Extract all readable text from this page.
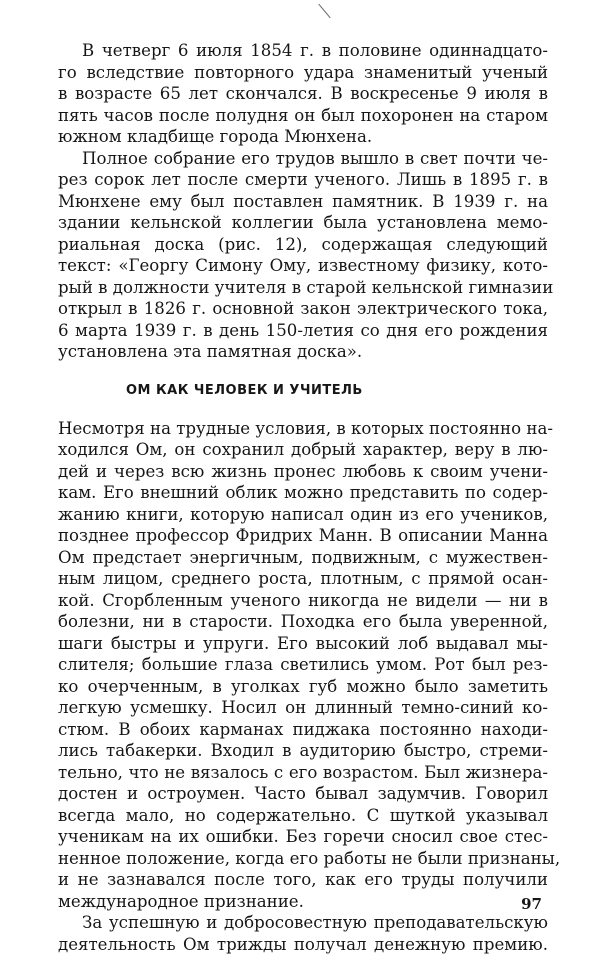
В четверг 6 июля 1854 г. в половине одиннадцато-
го вследствие повторного удара знаменитый ученый
в возрасте 65 лет скончался. В воскресенье 9 июля в
пять часов после полудня он был похоронен на старом
южном кладбище города Мюнхена.

Полное собрание его трудов вышло в свет почти че-
рез сорок лет после смерти ученого. Лишь в 1895 г. в
Мюнхене ему был поставлен памятник. В 1939 г. на
здании кельнской коллегии была установлена мемо-
риальная доска (рис. 12), содержащая следующий
текст: «Георгу Симону Ому, известному физику, кото-
рый в должности учителя в старой кельнской гимназии
открыл в 1826 г. основной закон электрического тока,
6 марта 1939 г. в день 150-летия со дня его рождения
установлена эта памятная доска».

ОМ КАК ЧЕЛОВЕК И УЧИТЕЛЬ

Несмотря на трудные условия, в которых постоянно на-
ходился Ом, он сохранил добрый характер, веру в лю-
дей и через всю жизнь пронес любовь к своим учени-
кам. Его внешний облик можно представить по содер-
жанию книги, которую написал один из его учеников,
позднее профессор Фридрих Манн. В описании Манна
Ом предстает энергичным, подвижным, с мужествен-
ным лицом, среднего роста, плотным, с прямой осан-
кой. Сгорбленным ученого никогда не видели — ни в
болезни, ни в старости. Походка его была уверенной,
шаги быстры и упруги. Его высокий лоб выдавал мы-
слителя; большие глаза светились умом. Рот был рез-
ко очерченным, в уголках губ можно было заметить
легкую усмешку. Носил он длинный темно-синий ко-
стюм. В обоих карманах пиджака постоянно находи-
лись табакерки. Входил в аудиторию быстро, стреми-
тельно, что не вязалось с его возрастом. Был жизнера-
достен и остроумен. Часто бывал задумчив. Говорил
всегда мало, но содержательно. С шуткой указывал
ученикам на их ошибки. Без горечи сносил свое стес-
ненное положение, когда его работы не были признаны,
и не зазнавался после того, как его труды получили
международное признание.

За успешную и добросовестную преподавательскую
деятельность Ом трижды получал денежную премию.

97
